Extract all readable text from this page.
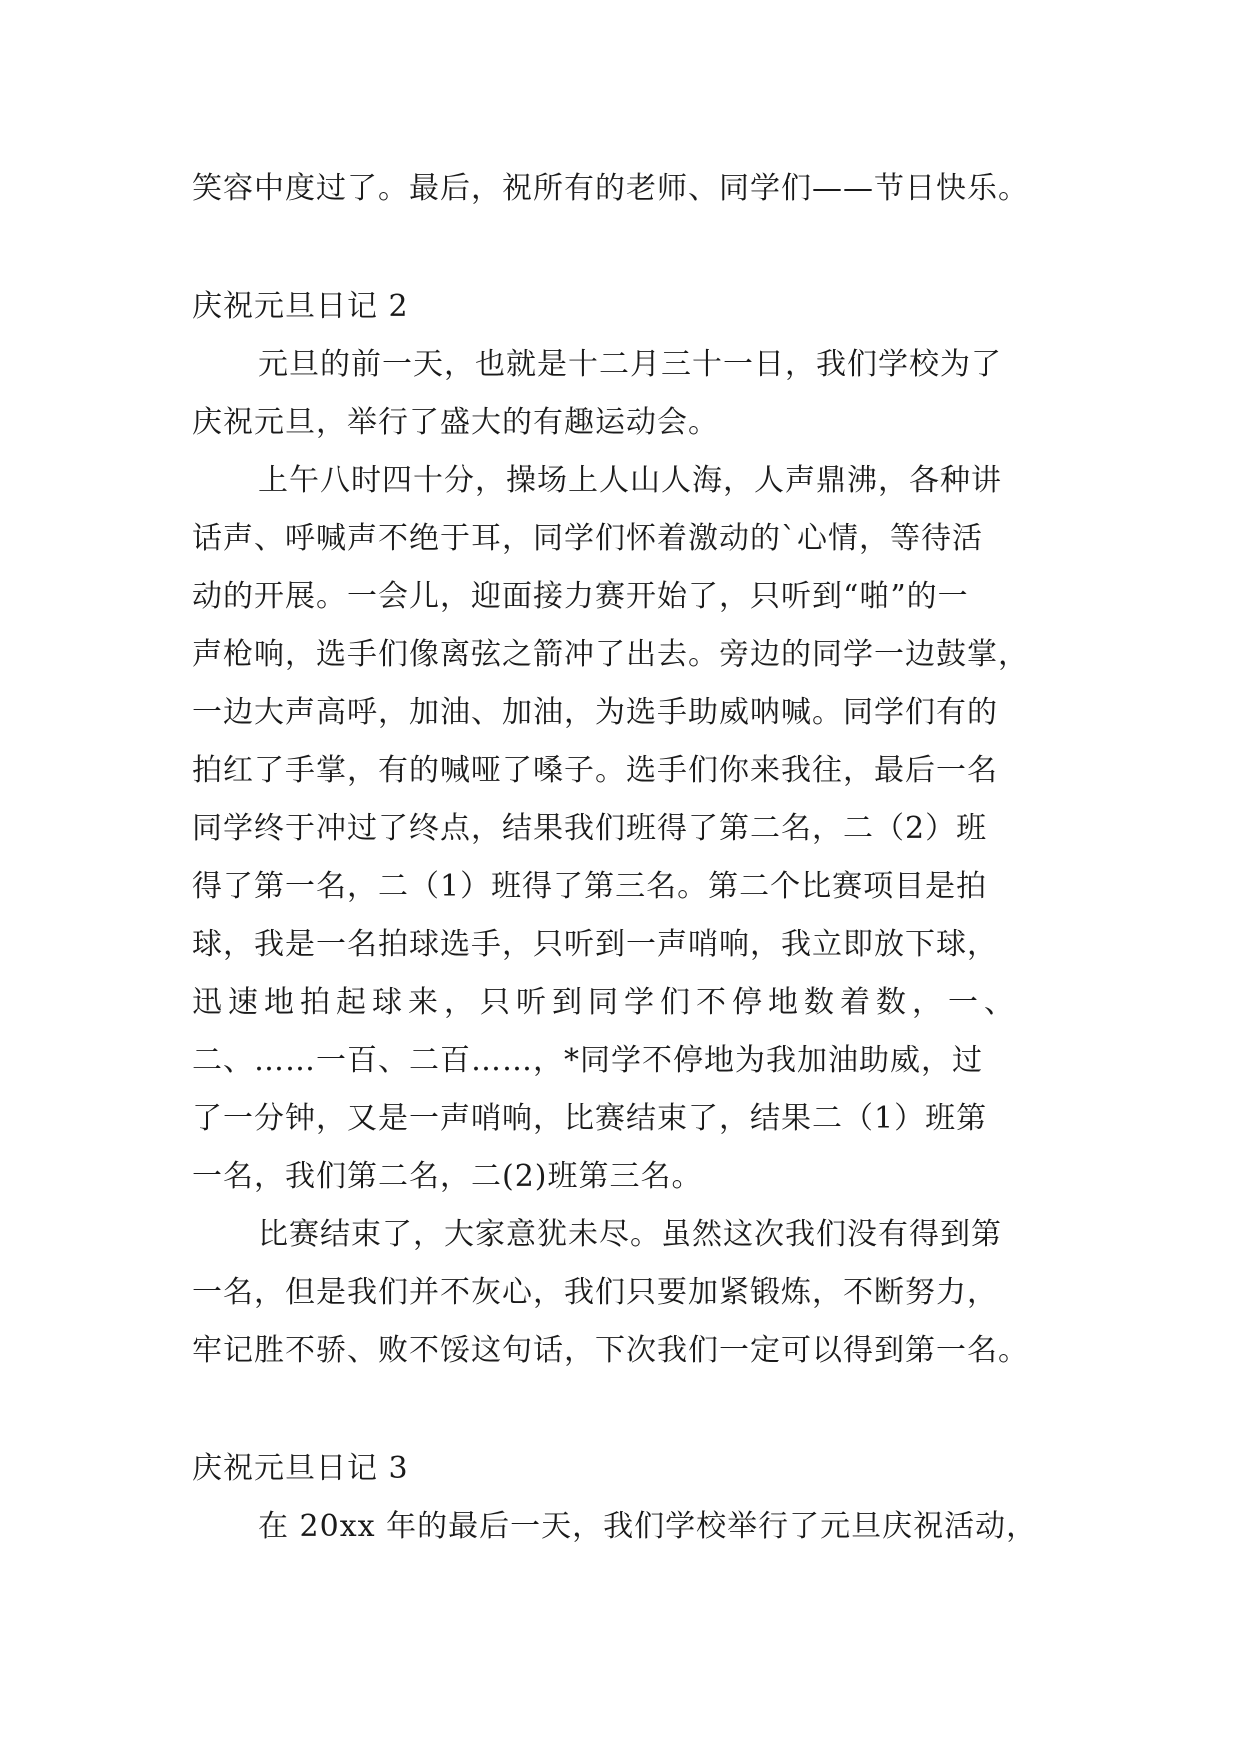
笑容中度过了。最后，祝所有的老师、同学们——节日快乐。
庆祝元旦日记 2
元旦的前一天，也就是十二月三十一日，我们学校为了
庆祝元旦，举行了盛大的有趣运动会。
上午八时四十分，操场上人山人海，人声鼎沸，各种讲
话声、呼喊声不绝于耳，同学们怀着激动的`心情，等待活
动的开展。一会儿，迎面接力赛开始了，只听到“啪”的一
声枪响，选手们像离弦之箭冲了出去。旁边的同学一边鼓掌，
一边大声高呼，加油、加油，为选手助威呐喊。同学们有的
拍红了手掌，有的喊哑了嗓子。选手们你来我往，最后一名
同学终于冲过了终点，结果我们班得了第二名，二（2）班
得了第一名，二（1）班得了第三名。第二个比赛项目是拍
球，我是一名拍球选手，只听到一声哨响，我立即放下球，
迅速地拍起球来，只听到同学们不停地数着数，一、
二、……一百、二百……，*同学不停地为我加油助威，过
了一分钟，又是一声哨响，比赛结束了，结果二（1）班第
一名，我们第二名，二(2)班第三名。
比赛结束了，大家意犹未尽。虽然这次我们没有得到第
一名，但是我们并不灰心，我们只要加紧锻炼，不断努力，
牢记胜不骄、败不馁这句话，下次我们一定可以得到第一名。
庆祝元旦日记 3
在 20xx 年的最后一天，我们学校举行了元旦庆祝活动，
